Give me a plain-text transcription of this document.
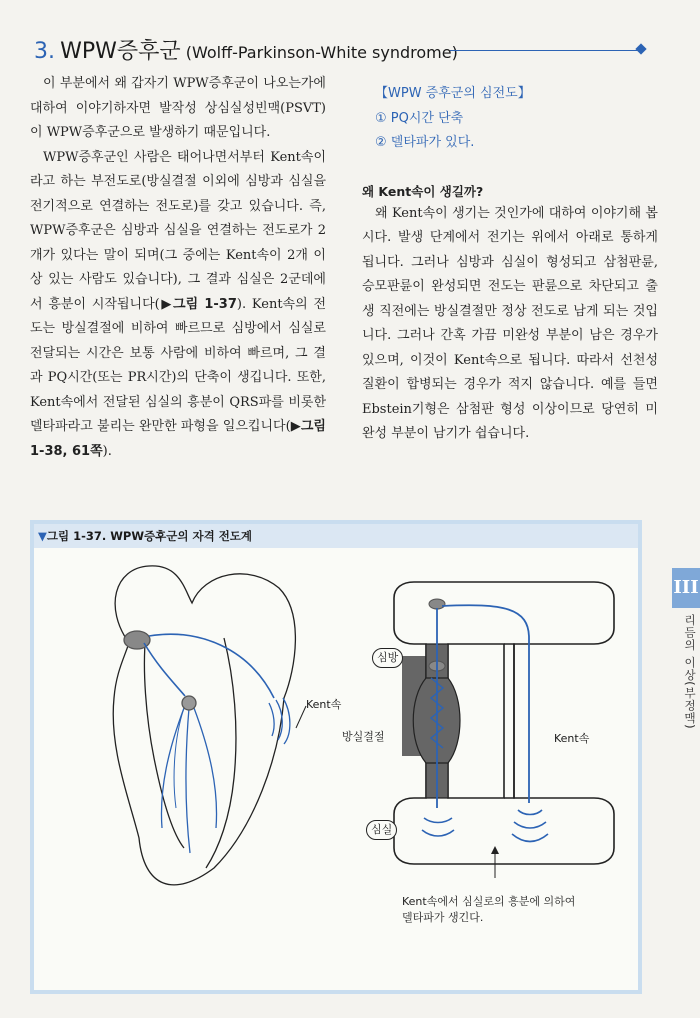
3. WPW증후군 (Wolff-Parkinson-White syndrome)

이 부분에서 왜 갑자기 WPW증후군이 나오는가에 대하여 이야기하자면 발작성 상심실성빈맥(PSVT)이 WPW증후군으로 발생하기 때문입니다.

WPW증후군인 사람은 태어나면서부터 Kent속이라고 하는 부전도로(방실결절 이외에 심방과 심실을 전기적으로 연결하는 전도로)를 갖고 있습니다. 즉, WPW증후군은 심방과 심실을 연결하는 전도로가 2개가 있다는 말이 되며(그 중에는 Kent속이 2개 이상 있는 사람도 있습니다), 그 결과 심실은 2군데에서 흥분이 시작됩니다(▶그림 1-37). Kent속의 전도는 방실결절에 비하여 빠르므로 심방에서 심실로 전달되는 시간은 보통 사람에 비하여 빠르며, 그 결과 PQ시간(또는 PR시간)의 단축이 생깁니다. 또한, Kent속에서 전달된 심실의 흥분이 QRS파를 비롯한 델타파라고 불리는 완만한 파형을 일으킵니다(▶그림 1-38, 61쪽).

【WPW 증후군의 심전도】

① PQ시간 단축

② 델타파가 있다.

왜 Kent속이 생길까?

왜 Kent속이 생기는 것인가에 대하여 이야기해 봅시다. 발생 단계에서 전기는 위에서 아래로 통하게 됩니다. 그러나 심방과 심실이 형성되고 삼첨판륜, 승모판륜이 완성되면 전도는 판륜으로 차단되고 출생 직전에는 방실결절만 정상 전도로 남게 되는 것입니다. 그러나 간혹 가끔 미완성 부분이 남은 경우가 있으며, 이것이 Kent속으로 됩니다. 따라서 선천성 질환이 합병되는 경우가 적지 않습니다. 예를 들면 Ebstein기형은 삼첨판 형성 이상이므로 당연히 미완성 부분이 남기가 쉽습니다.

▼그림 1-37. WPW증후군의 자격 전도계
Kent속
심방
방실결절	Kent속
심실
Kent속에서 심실로의 흥분에 의하여
델타파가 생긴다.
III
리듬의 이상(부정맥)
